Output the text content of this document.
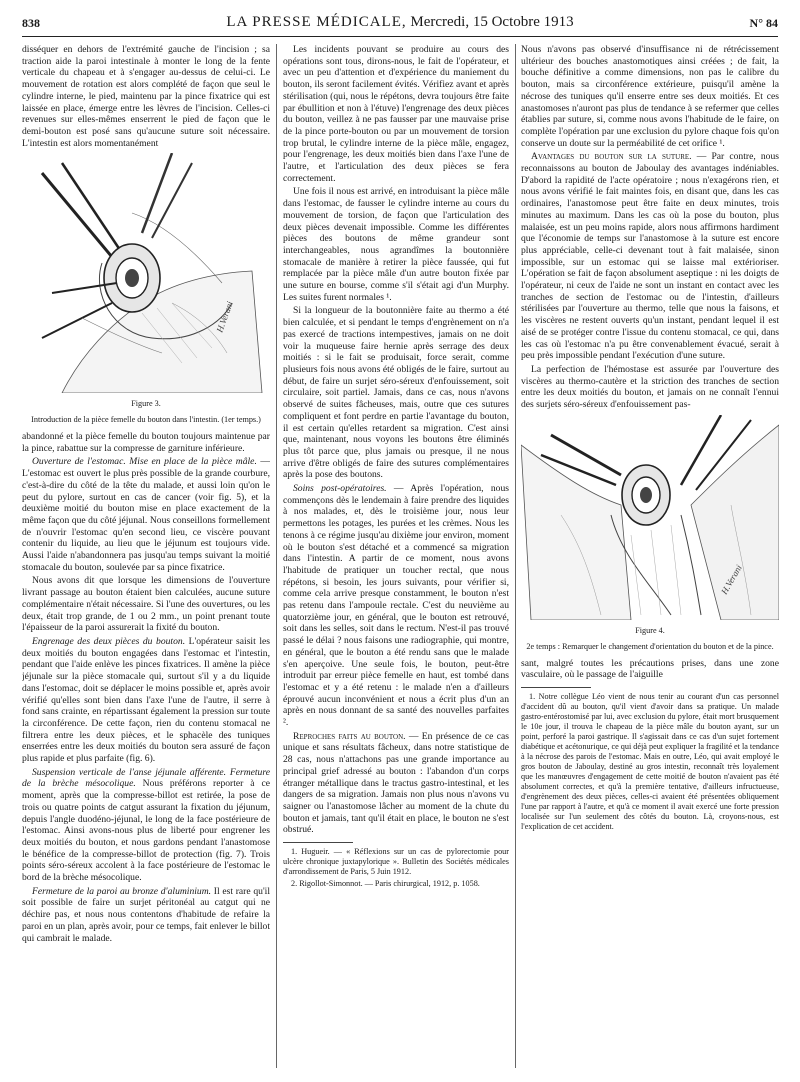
838	LA PRESSE MÉDICALE, Mercredi, 15 Octobre 1913	N° 84

disséquer en dehors de l'extrémité gauche de l'incision ; sa traction aide la paroi intestinale à monter le long de la fente verticale du chapeau et à s'engager au-dessus de celui-ci. Le mouvement de rotation est alors complété de façon que seul le cylindre interne, le pied, maintenu par la pince fixatrice qui est laissée en place, émerge entre les lèvres de l'incision. Celles-ci revenues sur elles-mêmes enserrent le pied de façon que le demi-bouton est posé sans qu'aucune suture soit nécessaire. L'intestin est alors momentanément

H.Verani
Figure 3.
Introduction de la pièce femelle du bouton dans l'intestin. (1er temps.)

abandonné et la pièce femelle du bouton toujours maintenue par la pince, rabattue sur la compresse de garniture inférieure.

Ouverture de l'estomac. Mise en place de la pièce mâle. — L'estomac est ouvert le plus près possible de la grande courbure, c'est-à-dire du côté de la tête du malade, et aussi loin qu'on le peut du pylore, surtout en cas de cancer (voir fig. 5), et la deuxième moitié du bouton mise en place exactement de la même façon que du côté jéjunal. Nous conseillons formellement de n'ouvrir l'estomac qu'en second lieu, ce viscère pouvant contenir du liquide, au lieu que le jéjunum est toujours vide. Aussi l'aide n'abandonnera pas jusqu'au temps suivant la moitié stomacale du bouton, soulevée par sa pince fixatrice.

Nous avons dit que lorsque les dimensions de l'ouverture livrant passage au bouton étaient bien calculées, aucune suture complémentaire n'était nécessaire. Si l'une des ouvertures, ou les deux, était trop grande, de 1 ou 2 mm., un point prenant toute l'épaisseur de la paroi assurerait la fixité du bouton.

Engrenage des deux pièces du bouton. L'opérateur saisit les deux moitiés du bouton engagées dans l'estomac et l'intestin, pendant que l'aide enlève les pinces fixatrices. Il amène la pièce jéjunale sur la pièce stomacale qui, surtout s'il y a du liquide dans l'estomac, doit se déplacer le moins possible et, après avoir vérifié qu'elles sont bien dans l'axe l'une de l'autre, il serre à fond sans crainte, en répartissant également la pression sur toute la circonférence. De cette façon, rien du contenu stomacal ne filtrera entre les deux pièces, et le sphacèle des tuniques enserrées entre les deux moitiés du bouton sera assuré de façon plus rapide et plus parfaite (fig. 6).

Suspension verticale de l'anse jéjunale afférente. Fermeture de la brèche mésocolique. Nous préférons reporter à ce moment, après que la compresse-billot est retirée, la pose de trois ou quatre points de catgut assurant la fixation du jéjunum, depuis l'angle duodéno-jéjunal, le long de la face postérieure de l'estomac. Ainsi avons-nous plus de liberté pour engrener les deux moitiés du bouton, et nous gardons pendant l'anastomose le bénéfice de la compresse-billot de protection (fig. 7). Trois points séro-séreux accolent à la face postérieure de l'estomac le bord de la brèche mésocolique.

Fermeture de la paroi au bronze d'aluminium. Il est rare qu'il soit possible de faire un surjet péritonéal au catgut qui ne déchire pas, et nous nous contentons d'habitude de refaire la paroi en un plan, après avoir, pour ce temps, fait enlever le billot qui cambrait le malade.

Les incidents pouvant se produire au cours des opérations sont tous, dirons-nous, le fait de l'opérateur, et avec un peu d'attention et d'expérience du maniement du bouton, ils seront facilement évités. Vérifiez avant et après stérilisation (qui, nous le répétons, devra toujours être faite par ébullition et non à l'étuve) l'engrenage des deux pièces du bouton, veillez à ne pas fausser par une mauvaise prise de la pince porte-bouton ou par un mouvement de torsion trop brutal, le cylindre interne de la pièce mâle, engagez, pour l'engrenage, les deux moitiés bien dans l'axe l'une de l'autre, et l'articulation des deux pièces se fera correctement.

Une fois il nous est arrivé, en introduisant la pièce mâle dans l'estomac, de fausser le cylindre interne au cours du mouvement de torsion, de façon que l'articulation des deux pièces devenait impossible. Comme les différentes pièces des boutons de même grandeur sont interchangeables, nous agrandîmes la boutonnière stomacale de manière à retirer la pièce faussée, qui fut remplacée par la pièce mâle d'un autre bouton fixée par une suture en bourse, comme s'il s'était agi d'un Murphy. Les suites furent normales ¹.

Si la longueur de la boutonnière faite au thermo a été bien calculée, et si pendant le temps d'engrènement on n'a pas exercé de tractions intempestives, jamais on ne doit voir la muqueuse faire hernie après serrage des deux moitiés : si le fait se produisait, force serait, comme plusieurs fois nous avons été obligés de le faire, surtout au début, de faire un surjet séro-séreux d'enfouissement, soit circulaire, soit partiel. Jamais, dans ce cas, nous n'avons observé de suites fâcheuses, mais, outre que ces sutures compliquent et font perdre en partie l'avantage du bouton, il est certain qu'elles retardent sa migration. C'est ainsi que, maintenant, nous voyons les boutons être éliminés plus tôt parce que, plus jamais ou presque, il ne nous arrive d'être obligés de faire des sutures complémentaires après la pose des boutons.

Soins post-opératoires. — Après l'opération, nous commençons dès le lendemain à faire prendre des liquides à nos malades, et, dès le troisième jour, nous leur permettons les potages, les purées et les crèmes. Nous les tenons à ce régime jusqu'au dixième jour environ, moment où le bouton s'est détaché et a commencé sa migration dans l'intestin. A partir de ce moment, nous avons l'habitude de pratiquer un toucher rectal, que nous répétons, si besoin, les jours suivants, pour vérifier si, comme cela arrive presque constamment, le bouton n'est pas retenu dans l'ampoule rectale. C'est du neuvième au quatorzième jour, en général, que le bouton est retrouvé, soit dans les selles, soit dans le rectum. N'est-il pas trouvé passé le délai ? nous faisons une radiographie, qui montre, en général, que le bouton a été rendu sans que le malade s'en aperçoive. Une seule fois, le bouton, peut-être introduit par erreur pièce femelle en haut, est tombé dans l'estomac et y a été retenu : le malade n'en a d'ailleurs éprouvé aucun inconvénient et nous a écrit plus d'un an après en nous donnant de sa santé des nouvelles parfaites ².

Reproches faits au bouton. — En présence de ce cas unique et sans résultats fâcheux, dans notre statistique de 28 cas, nous n'attachons pas une grande importance au principal grief adressé au bouton : l'abandon d'un corps étranger métallique dans le tractus gastro-intestinal, et les dangers de sa migration. Jamais non plus nous n'avons vu saigner ou l'anastomose lâcher au moment de la chute du bouton et jamais, tant qu'il était en place, le bouton ne s'est obstrué.

1. Hugueir. — « Réflexions sur un cas de pylorectomie pour ulcère chronique juxtapylorique ». Bulletin des Sociétés médicales d'arrondissement de Paris, 5 Juin 1912.

2. Rigollot-Simonnot. — Paris chirurgical, 1912, p. 1058.

Nous n'avons pas observé d'insuffisance ni de rétrécissement ultérieur des bouches anastomotiques ainsi créées ; de fait, la bouche définitive a comme dimensions, non pas le calibre du bouton, mais sa circonférence extérieure, puisqu'il amène la nécrose des tuniques qu'il enserre entre ses deux moitiés. Et ces anastomoses n'auront pas plus de tendance à se refermer que celles établies par suture, si, comme nous avons l'habitude de le faire, on complète l'opération par une exclusion du pylore chaque fois qu'on conserve un doute sur la perméabilité de cet orifice ¹.

Avantages du bouton sur la suture. — Par contre, nous reconnaissons au bouton de Jaboulay des avantages indéniables. D'abord la rapidité de l'acte opératoire ; nous n'exagérons rien, et nous avons vérifié le fait maintes fois, en disant que, dans les cas ordinaires, l'anastomose peut être faite en deux minutes, trois minutes au maximum. Dans les cas où la pose du bouton, plus malaisée, est un peu moins rapide, alors nous affirmons hardiment que l'économie de temps sur l'anastomose à la suture est encore plus appréciable, celle-ci devenant tout à fait malaisée, sinon impossible, sur un estomac qui se laisse mal extérioriser. L'opération se fait de façon absolument aseptique : ni les doigts de l'opérateur, ni ceux de l'aide ne sont un instant en contact avec les tranches de section de l'estomac ou de l'intestin, d'ailleurs stérilisées par l'ouverture au thermo, telle que nous la faisons, et les viscères ne restent ouverts qu'un instant, pendant lequel il est aisé de se protéger contre l'issue du contenu stomacal, ce qui, dans les cas où l'estomac n'a pu être convenablement évacué, serait à peu près impossible pendant l'exécution d'une suture.

La perfection de l'hémostase est assurée par l'ouverture des viscères au thermo-cautère et la striction des tranches de section entre les deux moitiés du bouton, et jamais on ne connaît l'ennui des surjets séro-séreux d'enfouissement pas-

H.Verani
Figure 4.
2e temps : Remarquer le changement d'orientation du bouton et de la pince.

sant, malgré toutes les précautions prises, dans une zone vasculaire, où le passage de l'aiguille

1. Notre collègue Léo vient de nous tenir au courant d'un cas personnel d'accident dû au bouton, qu'il vient d'avoir dans sa pratique. Un malade gastro-entérostomisé par lui, avec exclusion du pylore, était mort brusquement le 10e jour, il trouva le chapeau de la pièce mâle du bouton ayant, sur un point, perforé la paroi gastrique. Il s'agissait dans ce cas d'un sujet fortement diabétique et acétonurique, ce qui déjà peut expliquer la fragilité et la tendance à la nécrose des parois de l'estomac. Mais en outre, Léo, qui avait employé le gros bouton de Jaboulay, destiné au gros intestin, reconnaît très loyalement que les manœuvres d'engagement de cette moitié de bouton n'avaient pas été absolument correctes, et qu'à la première tentative, d'ailleurs infructueuse, d'engrènement des deux pièces, celles-ci avaient été présentées obliquement l'une par rapport à l'autre, et qu'à ce moment il avait exercé une forte pression localisée sur l'un seulement des côtés du bouton. Là, croyons-nous, est l'explication de cet accident.
